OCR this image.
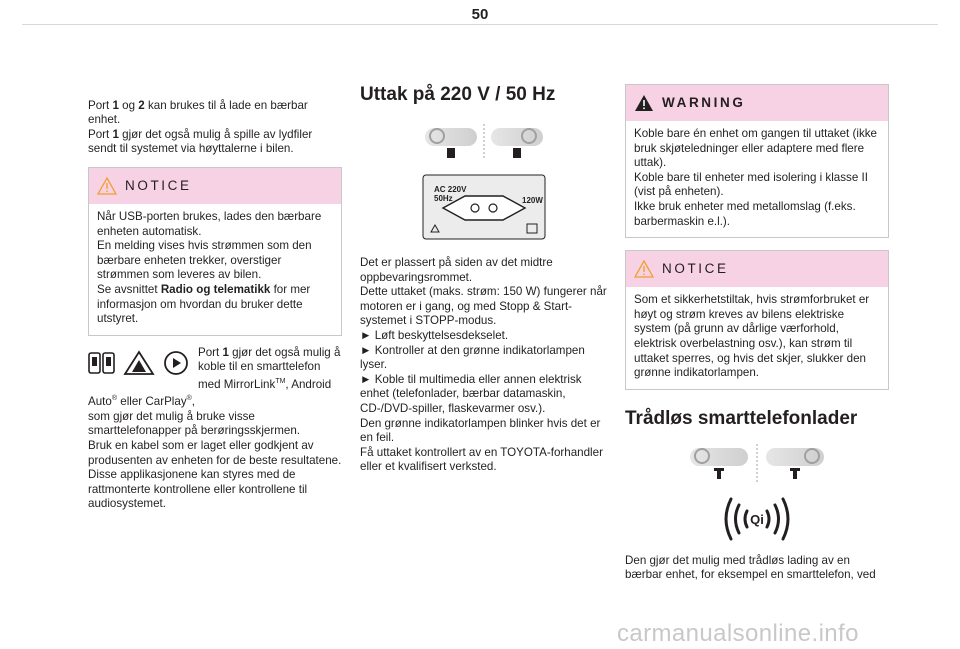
50

Port 1 og 2 kan brukes til å lade en bærbar enhet.
Port 1 gjør det også mulig å spille av lydfiler sendt til systemet via høyttalerne i bilen.

NOTICE
Når USB-porten brukes, lades den bærbare enheten automatisk.
En melding vises hvis strømmen som den bærbare enheten trekker, overstiger strømmen som leveres av bilen.
Se avsnittet Radio og telematikk for mer informasjon om hvordan du bruker dette utstyret.
Port 1 gjør det også mulig å koble til en smarttelefon med MirrorLink™, Android Auto® eller CarPlay®,
som gjør det mulig å bruke visse smarttelefonapper på berøringsskjermen.
Bruk en kabel som er laget eller godkjent av produsenten av enheten for de beste resultatene.
Disse applikasjonene kan styres med de rattmonterte kontrollene eller kontrollene til audiosystemet.
Uttak på 220 V / 50 Hz
AC 220V
50Hz	120W
Det er plassert på siden av det midtre oppbevaringsrommet.
Dette uttaket (maks. strøm: 150 W) fungerer når motoren er i gang, og med Stopp & Start-systemet i STOPP-modus.
► Løft beskyttelsesdekselet.
► Kontroller at den grønne indikatorlampen lyser.
► Koble til multimedia eller annen elektrisk enhet (telefonlader, bærbar datamaskin, CD-/DVD-spiller, flaskevarmer osv.).
Den grønne indikatorlampen blinker hvis det er en feil.
Få uttaket kontrollert av en TOYOTA-forhandler eller et kvalifisert verksted.
WARNING
Koble bare én enhet om gangen til uttaket (ikke bruk skjøteledninger eller adaptere med flere uttak).
Koble bare til enheter med isolering i klasse II (vist på enheten).
Ikke bruk enheter med metallomslag (f.eks. barbermaskin e.l.).
NOTICE
Som et sikkerhetstiltak, hvis strømforbruket er høyt og strøm kreves av bilens elektriske system (på grunn av dårlige værforhold, elektrisk overbelastning osv.), kan strøm til uttaket sperres, og hvis det skjer, slukker den grønne indikatorlampen.
Trådløs smarttelefonlader
Qi
Den gjør det mulig med trådløs lading av en bærbar enhet, for eksempel en smarttelefon, ved
carmanualsonline.info
